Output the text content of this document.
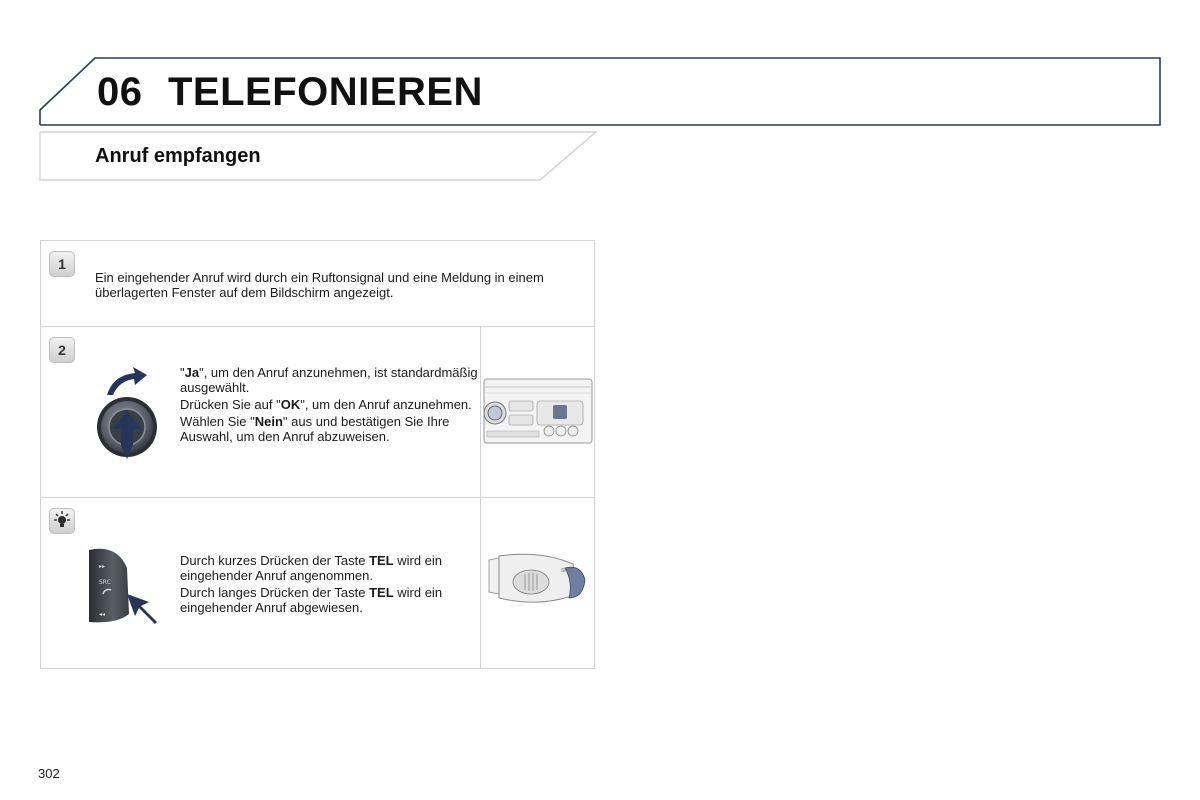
06 TELEFONIEREN
Anruf empfangen
1
Ein eingehender Anruf wird durch ein Ruftonsignal und eine Meldung in einem überlagerten Fenster auf dem Bildschirm angezeigt.
2

"Ja", um den Anruf anzunehmen, ist standardmäßig ausgewählt.

Drücken Sie auf "OK", um den Anruf anzunehmen.

Wählen Sie "Nein" aus und bestätigen Sie Ihre Auswahl, um den Anruf abzuweisen.

▸▸
SRC
◂◂

Durch kurzes Drücken der Taste TEL wird ein eingehender Anruf angenommen.

Durch langes Drücken der Taste TEL wird ein eingehender Anruf abgewiesen.

SRC
302
